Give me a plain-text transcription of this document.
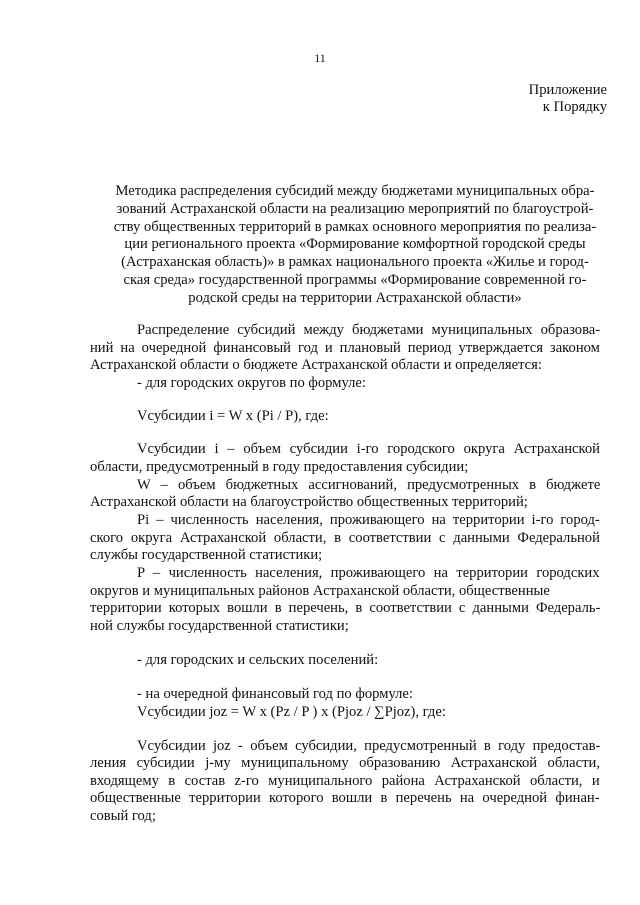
11
Приложение
к Порядку
Методика распределения субсидий между бюджетами муниципальных обра-
зований Астраханской области на реализацию мероприятий по благоустрой-
ству общественных территорий в рамках основного мероприятия по реализа-
ции регионального проекта «Формирование комфортной городской среды
(Астраханская область)» в рамках национального проекта «Жилье и город-
ская среда» государственной программы «Формирование современной го-
родской среды на территории Астраханской области»
Распределение субсидий между бюджетами муниципальных образова-
ний на очередной финансовый год и плановый период утверждается законом
Астраханской области о бюджете Астраханской области и определяется:
- для городских округов по формуле:
Vсубсидии i = W x (Pi / P), где:
Vсубсидии i – объем субсидии i-го городского округа Астраханской
области, предусмотренный в году предоставления субсидии;
W – объем бюджетных ассигнований, предусмотренных в бюджете
Астраханской области на благоустройство общественных территорий;
Pi – численность населения, проживающего на территории i-го город-
ского округа Астраханской области, в соответствии с данными Федеральной
службы государственной статистики;
P – численность населения, проживающего на территории городских
округов и муниципальных районов Астраханской области, общественные
территории которых вошли в перечень, в соответствии с данными Федераль-
ной службы государственной статистики;
- для городских и сельских поселений:
- на очередной финансовый год по формуле:
Vсубсидии joz = W x (Pz / P ) x (Pjoz / ∑Pjoz), где:
Vсубсидии joz - объем субсидии, предусмотренный в году предостав-
ления субсидии j-му муниципальному образованию Астраханской области,
входящему в состав z-го муниципального района Астраханской области, и
общественные территории которого вошли в перечень на очередной финан-
совый год;
